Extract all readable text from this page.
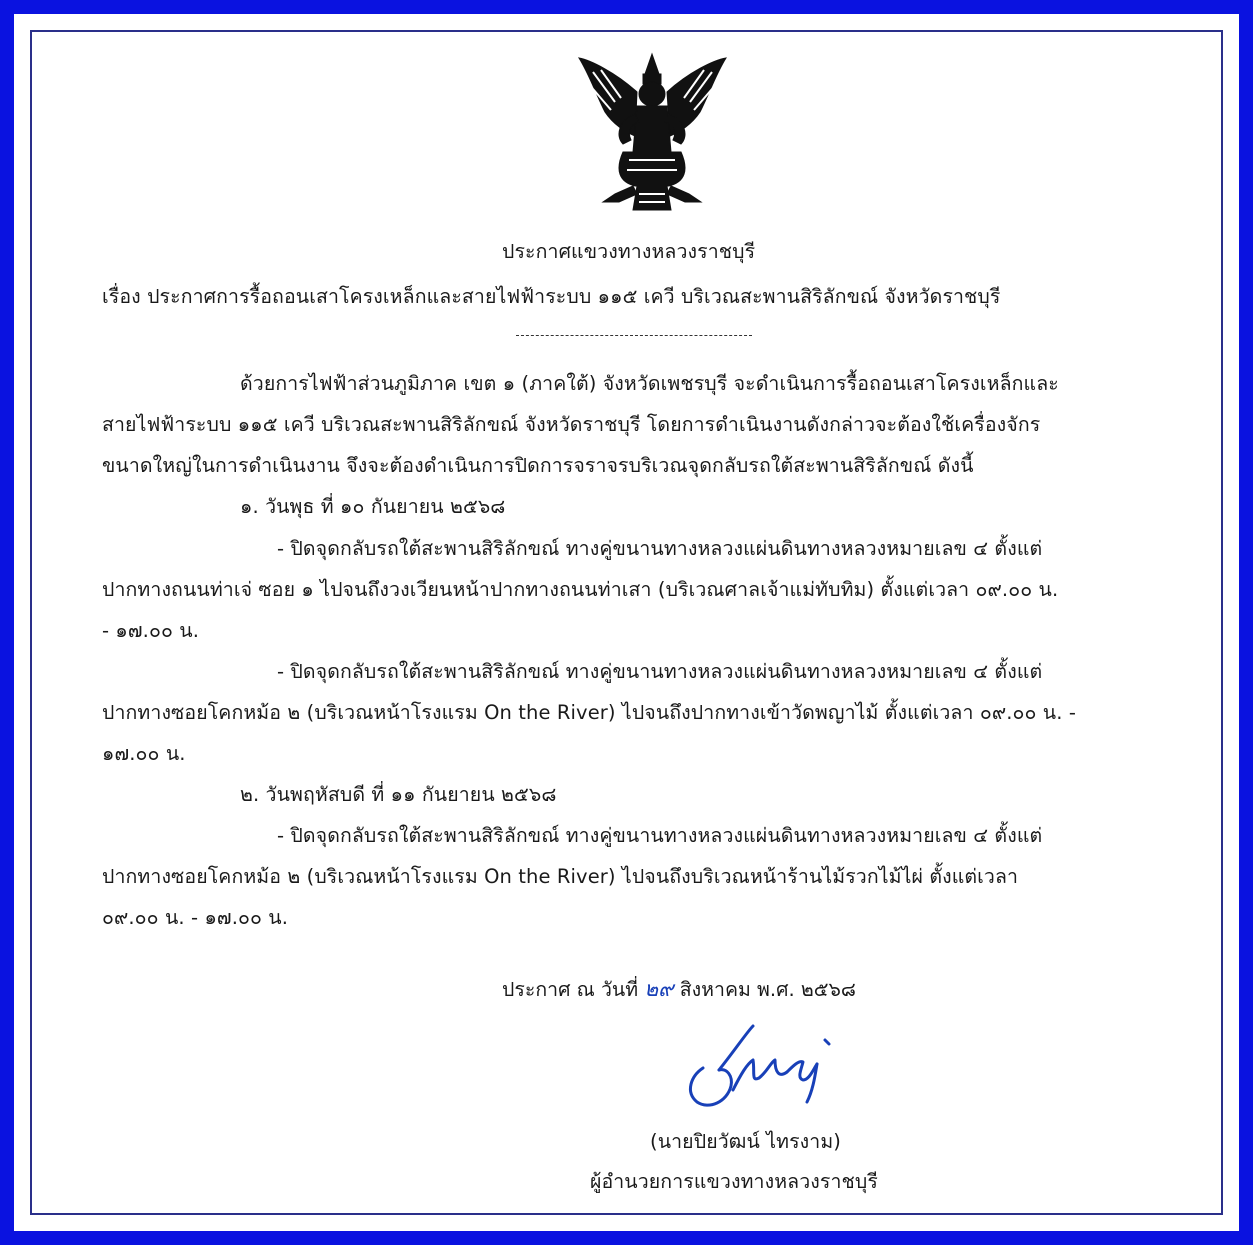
ประกาศแขวงทางหลวงราชบุรี
เรื่อง ประกาศการรื้อถอนเสาโครงเหล็กและสายไฟฟ้าระบบ ๑๑๕ เควี บริเวณสะพานสิริลักขณ์ จังหวัดราชบุรี
ด้วยการไฟฟ้าส่วนภูมิภาค เขต ๑ (ภาคใต้) จังหวัดเพชรบุรี จะดำเนินการรื้อถอนเสาโครงเหล็กและ
สายไฟฟ้าระบบ ๑๑๕ เควี บริเวณสะพานสิริลักขณ์ จังหวัดราชบุรี โดยการดำเนินงานดังกล่าวจะต้องใช้เครื่องจักร
ขนาดใหญ่ในการดำเนินงาน จึงจะต้องดำเนินการปิดการจราจรบริเวณจุดกลับรถใต้สะพานสิริลักขณ์ ดังนี้
๑. วันพุธ ที่ ๑๐ กันยายน ๒๕๖๘
- ปิดจุดกลับรถใต้สะพานสิริลักขณ์ ทางคู่ขนานทางหลวงแผ่นดินทางหลวงหมายเลข ๔ ตั้งแต่
ปากทางถนนท่าเจ่ ซอย ๑ ไปจนถึงวงเวียนหน้าปากทางถนนท่าเสา (บริเวณศาลเจ้าแม่ทับทิม) ตั้งแต่เวลา ๐๙.๐๐ น.
- ๑๗.๐๐ น.
- ปิดจุดกลับรถใต้สะพานสิริลักขณ์ ทางคู่ขนานทางหลวงแผ่นดินทางหลวงหมายเลข ๔ ตั้งแต่
ปากทางซอยโคกหม้อ ๒ (บริเวณหน้าโรงแรม On the River) ไปจนถึงปากทางเข้าวัดพญาไม้ ตั้งแต่เวลา ๐๙.๐๐ น. -
๑๗.๐๐ น.
๒. วันพฤหัสบดี ที่ ๑๑ กันยายน ๒๕๖๘
- ปิดจุดกลับรถใต้สะพานสิริลักขณ์ ทางคู่ขนานทางหลวงแผ่นดินทางหลวงหมายเลข ๔ ตั้งแต่
ปากทางซอยโคกหม้อ ๒ (บริเวณหน้าโรงแรม On the River) ไปจนถึงบริเวณหน้าร้านไม้รวกไม้ไผ่ ตั้งแต่เวลา
๐๙.๐๐ น. - ๑๗.๐๐ น.
ประกาศ ณ วันที่ ๒๙ สิงหาคม พ.ศ. ๒๕๖๘
(นายปิยวัฒน์ ไทรงาม)
ผู้อำนวยการแขวงทางหลวงราชบุรี
